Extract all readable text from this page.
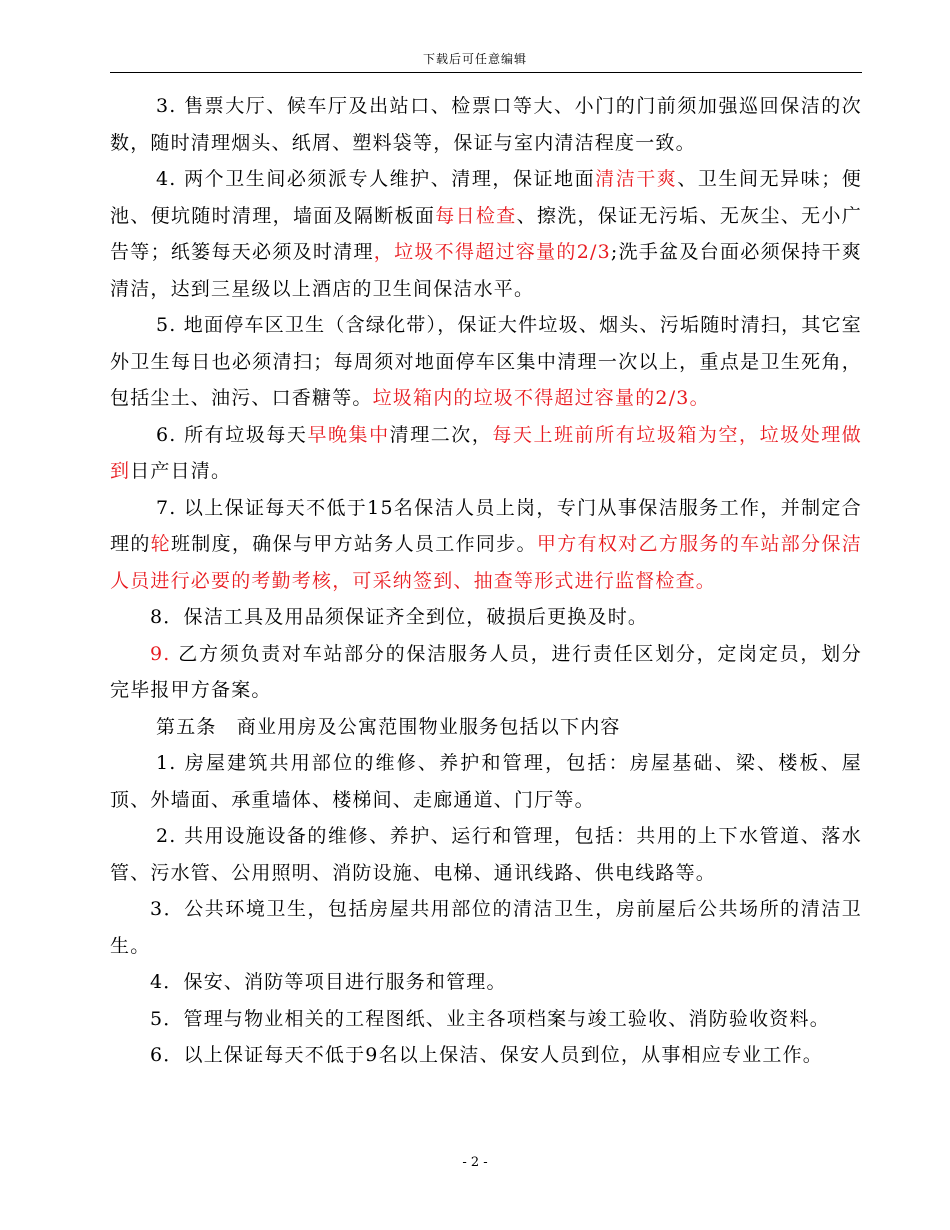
下载后可任意编辑

3. 售票大厅、候车厅及出站口、检票口等大、小门的门前须加强巡回保洁的次数，随时清理烟头、纸屑、塑料袋等，保证与室内清洁程度一致。

4. 两个卫生间必须派专人维护、清理，保证地面清洁干爽、卫生间无异味；便池、便坑随时清理，墙面及隔断板面每日检查、擦洗，保证无污垢、无灰尘、无小广告等；纸篓每天必须及时清理，垃圾不得超过容量的2/3;洗手盆及台面必须保持干爽清洁，达到三星级以上酒店的卫生间保洁水平。

5. 地面停车区卫生（含绿化带），保证大件垃圾、烟头、污垢随时清扫，其它室外卫生每日也必须清扫；每周须对地面停车区集中清理一次以上，重点是卫生死角，包括尘土、油污、口香糖等。垃圾箱内的垃圾不得超过容量的2/3。

6. 所有垃圾每天早晚集中清理二次，每天上班前所有垃圾箱为空，垃圾处理做到日产日清。

7. 以上保证每天不低于15名保洁人员上岗，专门从事保洁服务工作，并制定合理的轮班制度，确保与甲方站务人员工作同步。甲方有权对乙方服务的车站部分保洁人员进行必要的考勤考核，可采纳签到、抽查等形式进行监督检查。

8．保洁工具及用品须保证齐全到位，破损后更换及时。

9. 乙方须负责对车站部分的保洁服务人员，进行责任区划分，定岗定员，划分完毕报甲方备案。

第五条　商业用房及公寓范围物业服务包括以下内容

1. 房屋建筑共用部位的维修、养护和管理，包括：房屋基础、梁、楼板、屋顶、外墙面、承重墙体、楼梯间、走廊通道、门厅等。

2. 共用设施设备的维修、养护、运行和管理，包括：共用的上下水管道、落水管、污水管、公用照明、消防设施、电梯、通讯线路、供电线路等。

3．公共环境卫生，包括房屋共用部位的清洁卫生，房前屋后公共场所的清洁卫生。

4．保安、消防等项目进行服务和管理。

5．管理与物业相关的工程图纸、业主各项档案与竣工验收、消防验收资料。

6．以上保证每天不低于9名以上保洁、保安人员到位，从事相应专业工作。

- 2 -
